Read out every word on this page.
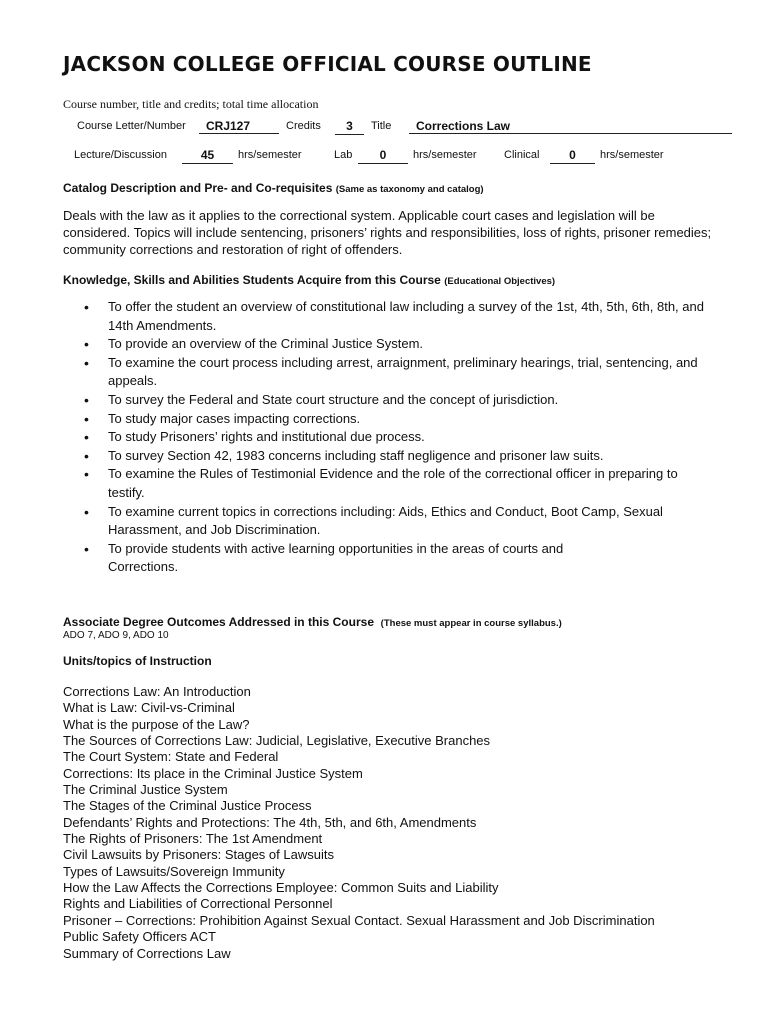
JACKSON COLLEGE OFFICIAL COURSE OUTLINE
Course number, title and credits; total time allocation
Course Letter/Number	CRJ127	Credits	3	Title	Corrections Law
Lecture/Discussion	45	hrs/semester	Lab	0	hrs/semester Clinical	0	hrs/semester
Catalog Description and Pre- and Co-requisites (Same as taxonomy and catalog)

Deals with the law as it applies to the correctional system. Applicable court cases and legislation will be considered. Topics will include sentencing, prisoners’ rights and responsibilities, loss of rights, prisoner remedies; community corrections and restoration of right of offenders.

Knowledge, Skills and Abilities Students Acquire from this Course (Educational Objectives)
• To offer the student an overview of constitutional law including a survey of the 1st, 4th, 5th, 6th, 8th, and 14th Amendments.
• To provide an overview of the Criminal Justice System.
• To examine the court process including arrest, arraignment, preliminary hearings, trial, sentencing, and appeals.
• To survey the Federal and State court structure and the concept of jurisdiction.
• To study major cases impacting corrections.
• To study Prisoners’ rights and institutional due process.
• To survey Section 42, 1983 concerns including staff negligence and prisoner law suits.
• To examine the Rules of Testimonial Evidence and the role of the correctional officer in preparing to testify.
• To examine current topics in corrections including: Aids, Ethics and Conduct, Boot Camp, Sexual Harassment, and Job Discrimination.
• To provide students with active learning opportunities in the areas of courts and Corrections.
Associate Degree Outcomes Addressed in this Course (These must appear in course syllabus.)
ADO 7, ADO 9, ADO 10
Units/topics of Instruction
Corrections Law: An Introduction
What is Law: Civil-vs-Criminal
What is the purpose of the Law?
The Sources of Corrections Law: Judicial, Legislative, Executive Branches
The Court System: State and Federal
Corrections: Its place in the Criminal Justice System
The Criminal Justice System
The Stages of the Criminal Justice Process
Defendants’ Rights and Protections: The 4th, 5th, and 6th, Amendments
The Rights of Prisoners: The 1st Amendment
Civil Lawsuits by Prisoners: Stages of Lawsuits
Types of Lawsuits/Sovereign Immunity
How the Law Affects the Corrections Employee: Common Suits and Liability
Rights and Liabilities of Correctional Personnel
Prisoner – Corrections: Prohibition Against Sexual Contact. Sexual Harassment and Job Discrimination
Public Safety Officers ACT
Summary of Corrections Law
